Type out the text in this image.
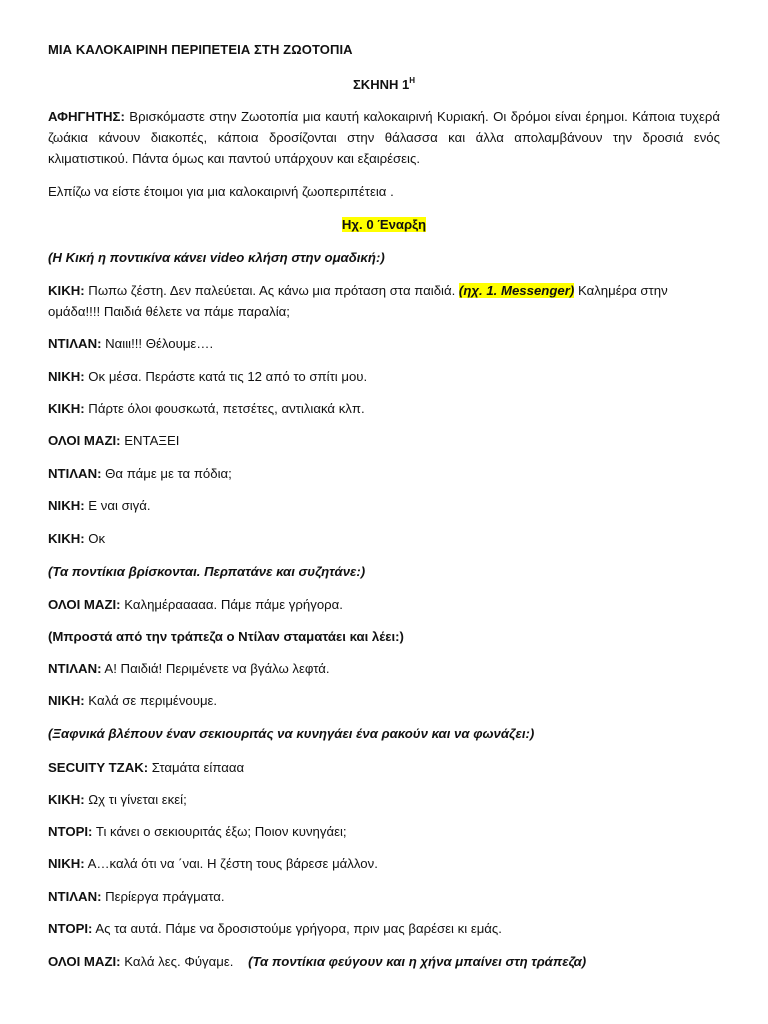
ΜΙΑ ΚΑΛΟΚΑΙΡΙΝΗ ΠΕΡΙΠΕΤΕΙΑ ΣΤΗ ΖΩΟΤΟΠΙΑ
ΣΚΗΝΗ $1^H$
ΑΦΗΓΗΤΗΣ: Βρισκόμαστε στην Ζωοτοπία μια καυτή καλοκαιρινή Κυριακή. Οι δρόμοι είναι έρημοι. Κάποια τυχερά ζωάκια κάνουν διακοπές, κάποια δροσίζονται στην θάλασσα και άλλα απολαμβάνουν την δροσιά ενός κλιματιστικού. Πάντα όμως και παντού υπάρχουν και εξαιρέσεις.
Ελπίζω να είστε έτοιμοι για μια καλοκαιρινή ζωοπεριπέτεια .
Ηχ. 0 Έναρξη
(Η Κική η ποντικίνα κάνει video κλήση στην ομαδική:)
ΚΙΚΗ: Πωπω ζέστη. Δεν παλεύεται. Ας κάνω μια πρόταση στα παιδιά. (ηχ. 1. Messenger) Καλημέρα στην ομάδα!!!! Παιδιά θέλετε να πάμε παραλία;
ΝΤΙΛΑΝ: Ναιιι!!! Θέλουμε….
ΝΙΚΗ: Οκ μέσα. Περάστε κατά τις 12 από το σπίτι μου.
ΚΙΚΗ: Πάρτε όλοι φουσκωτά, πετσέτες, αντιλιακά κλπ.
ΟΛΟΙ ΜΑΖΙ: ΕΝΤΑΞΕΙ
ΝΤΙΛΑΝ: Θα πάμε με τα πόδια;
ΝΙΚΗ: Ε ναι σιγά.
ΚΙΚΗ: Οκ
(Τα ποντίκια βρίσκονται. Περπατάνε και συζητάνε:)
ΟΛΟΙ ΜΑΖΙ: Καλημέρααααα. Πάμε πάμε γρήγορα.
(Μπροστά από την τράπεζα ο Ντίλαν σταματάει και λέει:)
ΝΤΙΛΑΝ: Α! Παιδιά! Περιμένετε να βγάλω λεφτά.
ΝΙΚΗ: Καλά σε περιμένουμε.
(Ξαφνικά βλέπουν έναν σεκιουριτάς να κυνηγάει ένα ρακούν και να φωνάζει:)
SECUITY ΤΖΑΚ: Σταμάτα είπααα
ΚΙΚΗ: Ωχ τι γίνεται εκεί;
ΝΤΟΡΙ: Τι κάνει ο σεκιουριτάς έξω; Ποιον κυνηγάει;
ΝΙΚΗ: Α…καλά ότι να ΄ναι. Η ζέστη τους βάρεσε μάλλον.
ΝΤΙΛΑΝ: Περίεργα πράγματα.
ΝΤΟΡΙ: Ας τα αυτά. Πάμε να δροσιστούμε γρήγορα, πριν μας βαρέσει κι εμάς.
ΟΛΟΙ ΜΑΖΙ: Καλά λες. Φύγαμε.    (Τα ποντίκια φεύγουν και η χήνα μπαίνει στη τράπεζα)
